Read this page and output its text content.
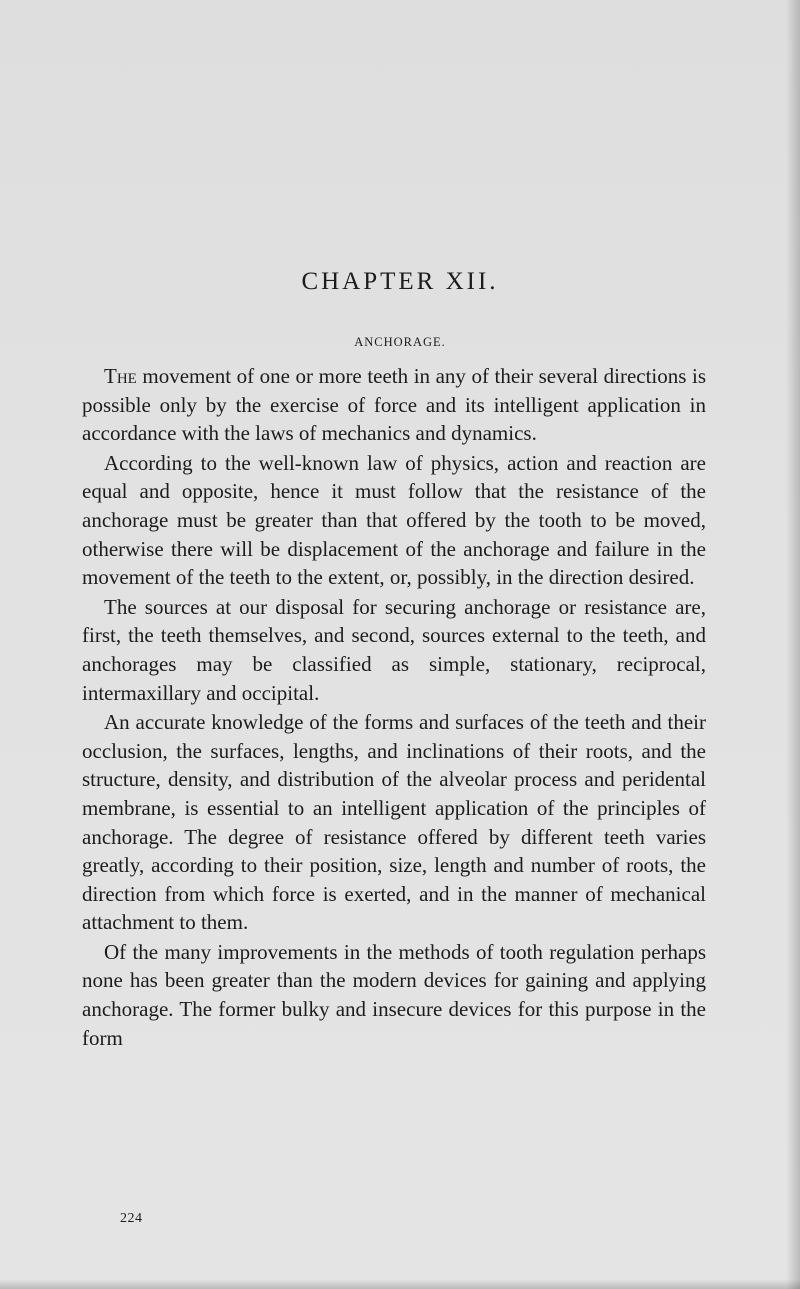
CHAPTER XII.
ANCHORAGE.

The movement of one or more teeth in any of their several directions is possible only by the exercise of force and its intelligent application in accordance with the laws of mechanics and dynamics.

According to the well-known law of physics, action and reaction are equal and opposite, hence it must follow that the resistance of the anchorage must be greater than that offered by the tooth to be moved, otherwise there will be displacement of the anchorage and failure in the movement of the teeth to the extent, or, possibly, in the direction desired.

The sources at our disposal for securing anchorage or resistance are, first, the teeth themselves, and second, sources external to the teeth, and anchorages may be classified as simple, stationary, reciprocal, intermaxillary and occipital.

An accurate knowledge of the forms and surfaces of the teeth and their occlusion, the surfaces, lengths, and inclinations of their roots, and the structure, density, and distribution of the alveolar process and peridental membrane, is essential to an intelligent application of the principles of anchorage. The degree of resistance offered by different teeth varies greatly, according to their position, size, length and number of roots, the direction from which force is exerted, and in the manner of mechanical attachment to them.

Of the many improvements in the methods of tooth regulation perhaps none has been greater than the modern devices for gaining and applying anchorage. The former bulky and insecure devices for this purpose in the form

224
